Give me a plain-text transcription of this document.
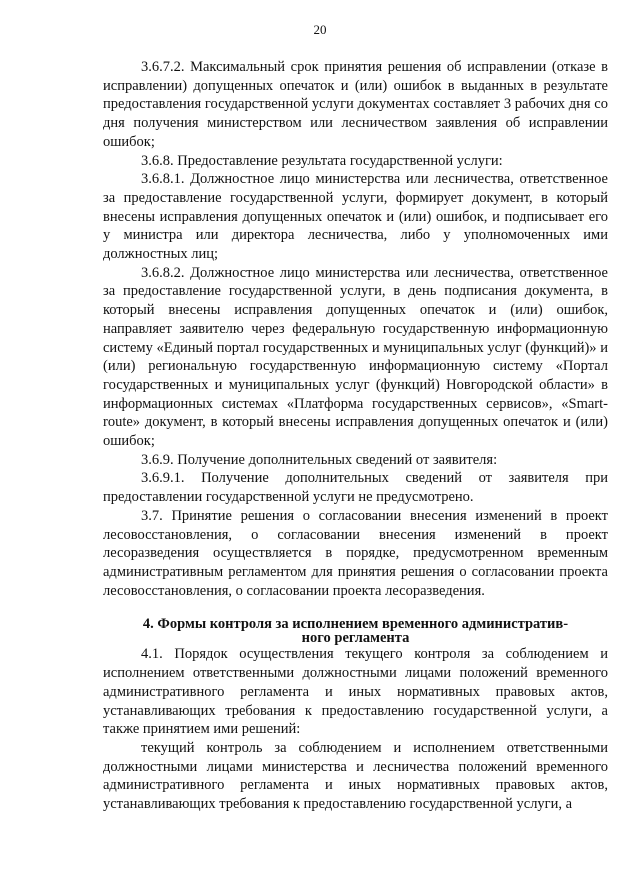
20

3.6.7.2. Максимальный срок принятия решения об исправлении (отказе в исправлении) допущенных опечаток и (или) ошибок в выданных в результате предоставления государственной услуги документах составляет 3 рабочих дня со дня получения министерством или лесничеством заявления об исправлении ошибок;

3.6.8. Предоставление результата государственной услуги:

3.6.8.1. Должностное лицо министерства или лесничества, ответственное за предоставление государственной услуги, формирует документ, в который внесены исправления допущенных опечаток и (или) ошибок, и подписывает его у министра или директора лесничества, либо у уполномоченных ими должностных лиц;

3.6.8.2. Должностное лицо министерства или лесничества, ответственное за предоставление государственной услуги, в день подписания документа, в который внесены исправления допущенных опечаток и (или) ошибок, направляет заявителю через федеральную государственную информационную систему «Единый портал государственных и муниципальных услуг (функций)» и (или) региональную государственную информационную систему «Портал государственных и муниципальных услуг (функций) Новгородской области» в информационных системах «Платформа государственных сервисов», «Smart-route» документ, в который внесены исправления допущенных опечаток и (или) ошибок;

3.6.9. Получение дополнительных сведений от заявителя:

3.6.9.1. Получение дополнительных сведений от заявителя при предоставлении государственной услуги не предусмотрено.

3.7. Принятие решения о согласовании внесения изменений в проект лесовосстановления, о согласовании внесения изменений в проект лесоразведения осуществляется в порядке, предусмотренном временным административным регламентом для принятия решения о согласовании проекта лесовосстановления, о согласовании проекта лесоразведения.

4. Формы контроля за исполнением временного административного регламента

4.1. Порядок осуществления текущего контроля за соблюдением и исполнением ответственными должностными лицами положений временного административного регламента и иных нормативных правовых актов, устанавливающих требования к предоставлению государственной услуги, а также принятием ими решений:

текущий контроль за соблюдением и исполнением ответственными должностными лицами министерства и лесничества положений временного административного регламента и иных нормативных правовых актов, устанавливающих требования к предоставлению государственной услуги, а
